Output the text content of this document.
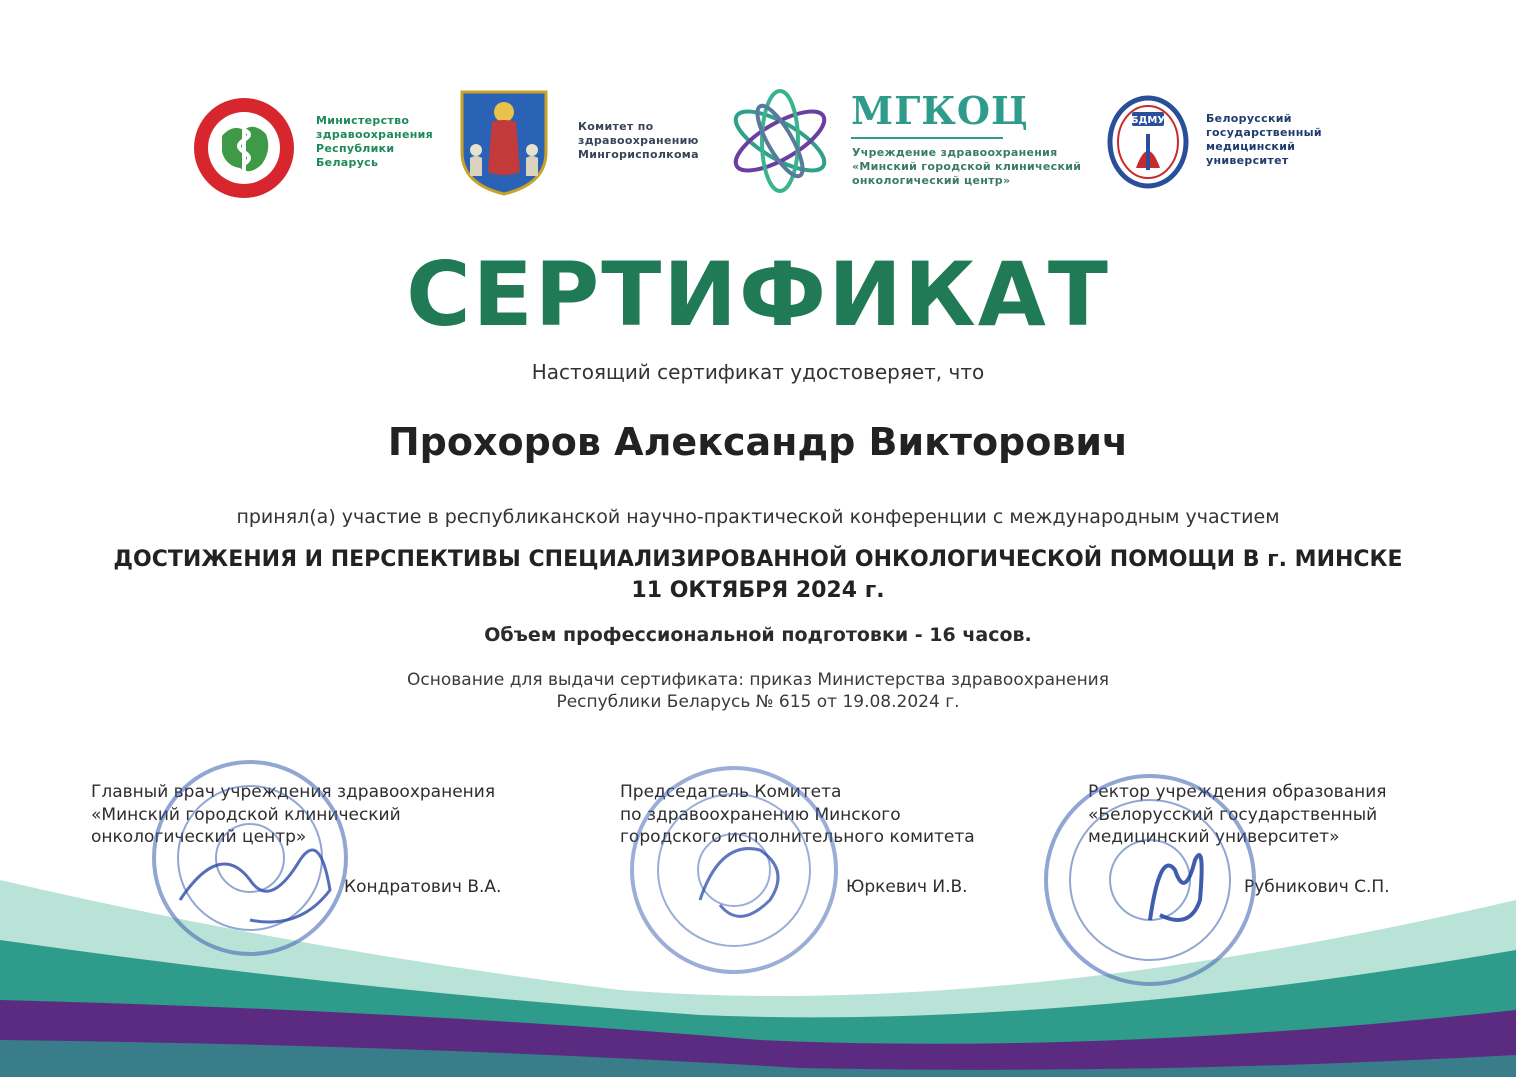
Министерство
здравоохранения
Республики
Беларусь
Комитет по
здравоохранению
Мингорисполкома
МГКОЦ
Учреждение здравоохранения
«Минский городской клинический
онкологический центр»
БДМУ	Белорусский
государственный
медицинский
университет
СЕРТИФИКАТ
Настоящий сертификат удостоверяет, что
Прохоров Александр Викторович
принял(а) участие в республиканской научно-практической конференции с международным участием
ДОСТИЖЕНИЯ И ПЕРСПЕКТИВЫ СПЕЦИАЛИЗИРОВАННОЙ ОНКОЛОГИЧЕСКОЙ ПОМОЩИ В г. МИНСКЕ
11 ОКТЯБРЯ 2024 г.
Объем профессиональной подготовки - 16 часов.
Основание для выдачи сертификата: приказ Министерства здравоохранения
Республики Беларусь № 615 от 19.08.2024 г.
Главный врач учреждения здравоохранения
«Минский городской клинический
онкологический центр»
Председатель Комитета
по здравоохранению Минского
городского исполнительного комитета
Ректор учреждения образования
«Белорусский государственный
медицинский университет»
Кондратович В.А.	Юркевич И.В.	Рубникович С.П.
